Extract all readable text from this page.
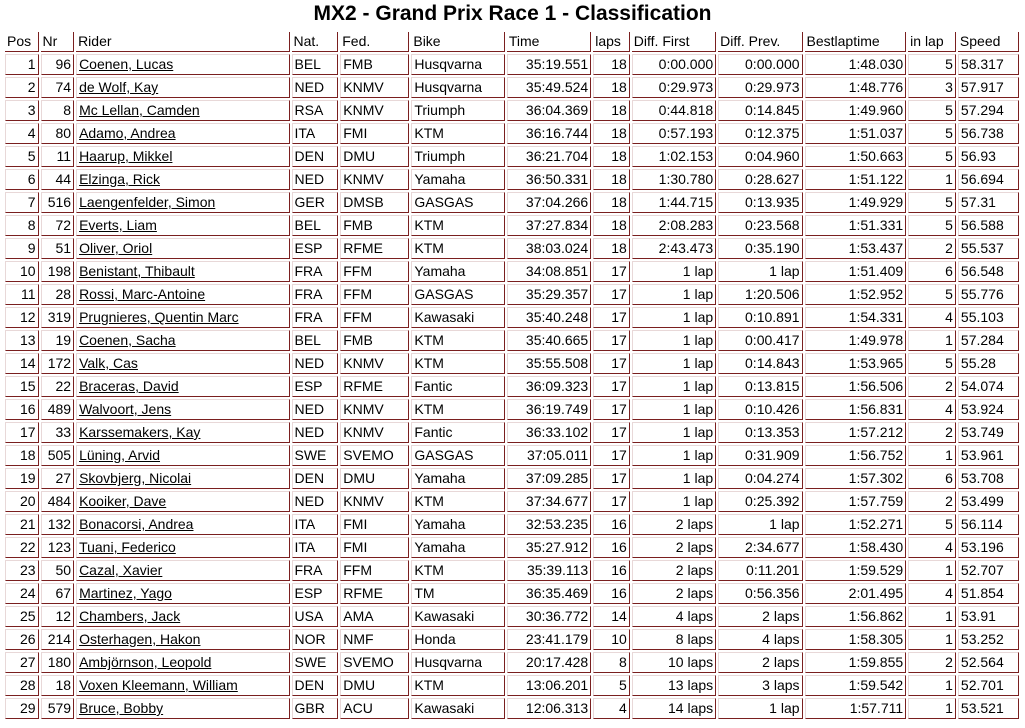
MX2 - Grand Prix Race 1 - Classification
Pos	Nr	Rider	Nat.	Fed.	Bike	Time	laps	Diff. First	Diff. Prev.	Bestlaptime	in lap	Speed
1	96	Coenen, Lucas	BEL	FMB	Husqvarna	35:19.551	18	0:00.000	0:00.000	1:48.030	5	58.317
2	74	de Wolf, Kay	NED	KNMV	Husqvarna	35:49.524	18	0:29.973	0:29.973	1:48.776	3	57.917
3	8	Mc Lellan, Camden	RSA	KNMV	Triumph	36:04.369	18	0:44.818	0:14.845	1:49.960	5	57.294
4	80	Adamo, Andrea	ITA	FMI	KTM	36:16.744	18	0:57.193	0:12.375	1:51.037	5	56.738
5	11	Haarup, Mikkel	DEN	DMU	Triumph	36:21.704	18	1:02.153	0:04.960	1:50.663	5	56.93
6	44	Elzinga, Rick	NED	KNMV	Yamaha	36:50.331	18	1:30.780	0:28.627	1:51.122	1	56.694
7	516	Laengenfelder, Simon	GER	DMSB	GASGAS	37:04.266	18	1:44.715	0:13.935	1:49.929	5	57.31
8	72	Everts, Liam	BEL	FMB	KTM	37:27.834	18	2:08.283	0:23.568	1:51.331	5	56.588
9	51	Oliver, Oriol	ESP	RFME	KTM	38:03.024	18	2:43.473	0:35.190	1:53.437	2	55.537
10	198	Benistant, Thibault	FRA	FFM	Yamaha	34:08.851	17	1 lap	1 lap	1:51.409	6	56.548
11	28	Rossi, Marc-Antoine	FRA	FFM	GASGAS	35:29.357	17	1 lap	1:20.506	1:52.952	5	55.776
12	319	Prugnieres, Quentin Marc	FRA	FFM	Kawasaki	35:40.248	17	1 lap	0:10.891	1:54.331	4	55.103
13	19	Coenen, Sacha	BEL	FMB	KTM	35:40.665	17	1 lap	0:00.417	1:49.978	1	57.284
14	172	Valk, Cas	NED	KNMV	KTM	35:55.508	17	1 lap	0:14.843	1:53.965	5	55.28
15	22	Braceras, David	ESP	RFME	Fantic	36:09.323	17	1 lap	0:13.815	1:56.506	2	54.074
16	489	Walvoort, Jens	NED	KNMV	KTM	36:19.749	17	1 lap	0:10.426	1:56.831	4	53.924
17	33	Karssemakers, Kay	NED	KNMV	Fantic	36:33.102	17	1 lap	0:13.353	1:57.212	2	53.749
18	505	Lüning, Arvid	SWE	SVEMO	GASGAS	37:05.011	17	1 lap	0:31.909	1:56.752	1	53.961
19	27	Skovbjerg, Nicolai	DEN	DMU	Yamaha	37:09.285	17	1 lap	0:04.274	1:57.302	6	53.708
20	484	Kooiker, Dave	NED	KNMV	KTM	37:34.677	17	1 lap	0:25.392	1:57.759	2	53.499
21	132	Bonacorsi, Andrea	ITA	FMI	Yamaha	32:53.235	16	2 laps	1 lap	1:52.271	5	56.114
22	123	Tuani, Federico	ITA	FMI	Yamaha	35:27.912	16	2 laps	2:34.677	1:58.430	4	53.196
23	50	Cazal, Xavier	FRA	FFM	KTM	35:39.113	16	2 laps	0:11.201	1:59.529	1	52.707
24	67	Martinez, Yago	ESP	RFME	TM	36:35.469	16	2 laps	0:56.356	2:01.495	4	51.854
25	12	Chambers, Jack	USA	AMA	Kawasaki	30:36.772	14	4 laps	2 laps	1:56.862	1	53.91
26	214	Osterhagen, Hakon	NOR	NMF	Honda	23:41.179	10	8 laps	4 laps	1:58.305	1	53.252
27	180	Ambjörnson, Leopold	SWE	SVEMO	Husqvarna	20:17.428	8	10 laps	2 laps	1:59.855	2	52.564
28	18	Voxen Kleemann, William	DEN	DMU	KTM	13:06.201	5	13 laps	3 laps	1:59.542	1	52.701
29	579	Bruce, Bobby	GBR	ACU	Kawasaki	12:06.313	4	14 laps	1 lap	1:57.711	1	53.521
